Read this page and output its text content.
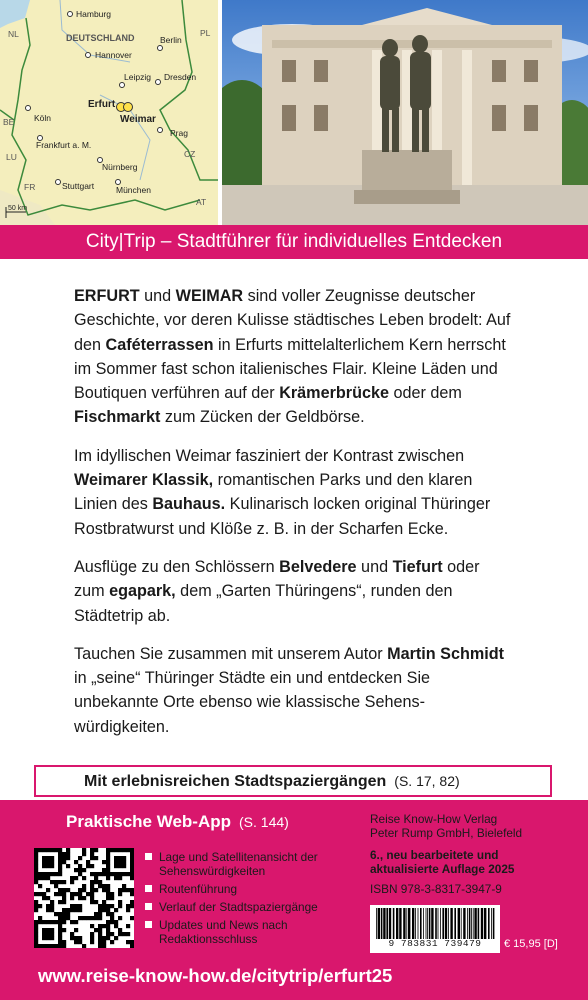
DEUTSCHLAND
NL	PL
CZ
FR
AT
BE
LU
Hamburg
Berlin
Hannover
Leipzig Dresden
Erfurt
Weimar
Köln
Frankfurt a. M.
Prag
Nürnberg
Stuttgart	München
50 km
City|Trip – Stadtführer für individuelles Entdecken

ERFURT und WEIMAR sind voller Zeugnisse deutscher Geschichte, vor deren Kulisse städtisches Leben brodelt: Auf den Caféterrassen in Erfurts mittelalterlichem Kern herrscht im Sommer fast schon italienisches Flair. Kleine Läden und Boutiquen verführen auf der Krämerbrücke oder dem Fischmarkt zum Zücken der Geldbörse.

Im idyllischen Weimar fasziniert der Kontrast zwischen Weimarer Klassik, romantischen Parks und den klaren Linien des Bauhaus. Kulinarisch locken original Thüringer Rostbratwurst und Klöße z. B. in der Scharfen Ecke.

Ausflüge zu den Schlössern Belvedere und Tiefurt oder zum egapark, dem „Garten Thüringens“, runden den Städtetrip ab.

Tauchen Sie zusammen mit unserem Autor Martin Schmidt in „seine“ Thüringer Städte ein und entdecken Sie unbekannte Orte ebenso wie klassische Sehenswürdigkeiten.

Mit erlebnisreichen Stadtspaziergängen (S. 17, 82)
Praktische Web-App (S. 144)
Lage und Satellitenansicht der Sehenswürdigkeiten
Routenführung
Verlauf der Stadtspaziergänge
Updates und News nach Redaktionsschluss
Reise Know-How Verlag
Peter Rump GmbH, Bielefeld
6., neu bearbeitete und
aktualisierte Auflage 2025
ISBN 978-3-8317-3947-9
9 783831 739479	€ 15,95 [D]
www.reise-know-how.de/citytrip/erfurt25
